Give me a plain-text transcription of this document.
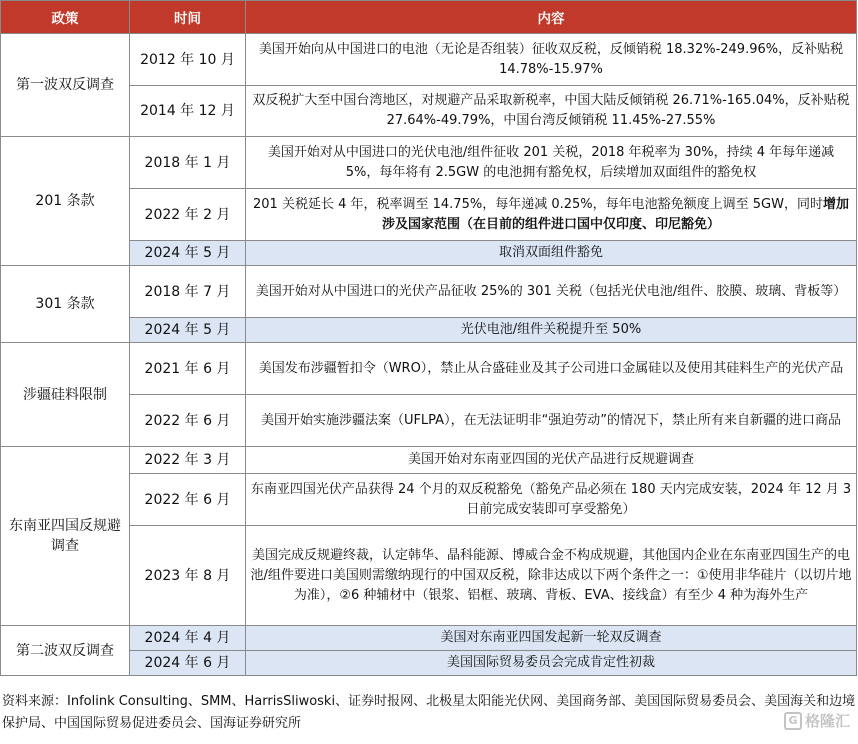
政策	时间	内容
第一波双反调查	2012 年 10 月	美国开始向从中国进口的电池（无论是否组装）征收双反税，反倾销税 18.32%-249.96%，反补贴税 14.78%-15.97%
	2014 年 12 月	双反税扩大至中国台湾地区，对规避产品采取新税率，中国大陆反倾销税 26.71%-165.04%，反补贴税 27.64%-49.79%，中国台湾反倾销税 11.45%-27.55%
201 条款	2018 年 1 月	美国开始对从中国进口的光伏电池/组件征收 201 关税，2018 年税率为 30%，持续 4 年每年递减 5%，每年将有 2.5GW 的电池拥有豁免权，后续增加双面组件的豁免权
	2022 年 2 月	201 关税延长 4 年，税率调至 14.75%，每年递减 0.25%，每年电池豁免额度上调至 5GW，同时增加涉及国家范围（在目前的组件进口国中仅印度、印尼豁免）
	2024 年 5 月	取消双面组件豁免
301 条款	2018 年 7 月	美国开始对从中国进口的光伏产品征收 25%的 301 关税（包括光伏电池/组件、胶膜、玻璃、背板等）
	2024 年 5 月	光伏电池/组件关税提升至 50%
涉疆硅料限制	2021 年 6 月	美国发布涉疆暂扣令（WRO），禁止从合盛硅业及其子公司进口金属硅以及使用其硅料生产的光伏产品
	2022 年 6 月	美国开始实施涉疆法案（UFLPA），在无法证明非“强迫劳动”的情况下，禁止所有来自新疆的进口商品
东南亚四国反规避调查	2022 年 3 月	美国开始对东南亚四国的光伏产品进行反规避调查
	2022 年 6 月	东南亚四国光伏产品获得 24 个月的双反税豁免（豁免产品必须在 180 天内完成安装，2024 年 12 月 3 日前完成安装即可享受豁免）
	2023 年 8 月	美国完成反规避终裁，认定韩华、晶科能源、博威合金不构成规避，其他国内企业在东南亚四国生产的电池/组件要进口美国则需缴纳现行的中国双反税，除非达成以下两个条件之一：①使用非华硅片（以切片地为准），②6 种辅材中（银浆、铝框、玻璃、背板、EVA、接线盒）有至少 4 种为海外生产
第二波双反调查	2024 年 4 月	美国对东南亚四国发起新一轮双反调查
	2024 年 6 月	美国国际贸易委员会完成肯定性初裁
资料来源：Infolink Consulting、SMM、HarrisSliwoski、证券时报网、北极星太阳能光伏网、美国商务部、美国国际贸易委员会、美国海关和边境保护局、中国国际贸易促进委员会、国海证券研究所	G 格隆汇
